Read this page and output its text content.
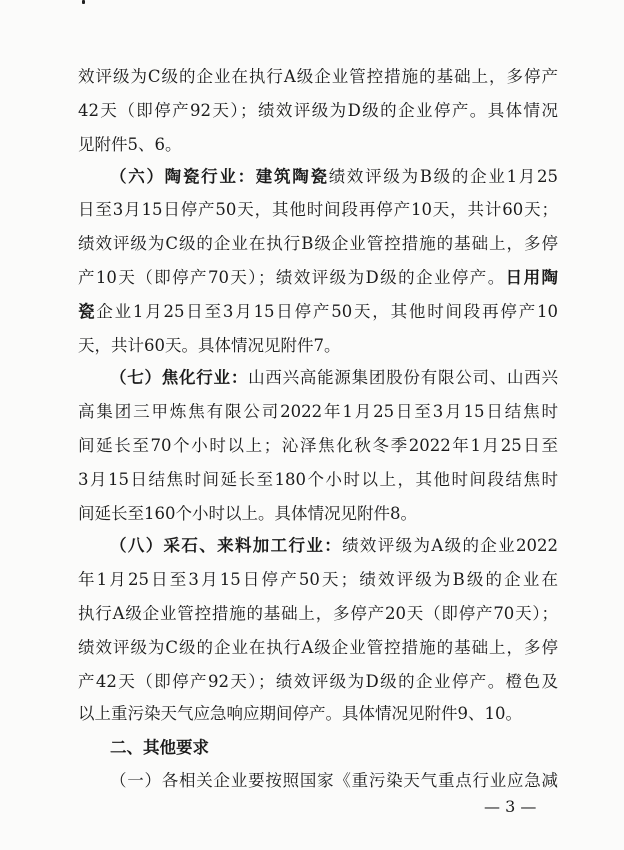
效评级为C级的企业在执行A级企业管控措施的基础上，多停产
42天（即停产92天）；绩效评级为D级的企业停产。具体情况
见附件5、6。
（六）陶瓷行业：建筑陶瓷绩效评级为B级的企业1月25
日至3月15日停产50天，其他时间段再停产10天，共计60天；
绩效评级为C级的企业在执行B级企业管控措施的基础上，多停
产10天（即停产70天）；绩效评级为D级的企业停产。日用陶
瓷企业1月25日至3月15日停产50天，其他时间段再停产10
天，共计60天。具体情况见附件7。
（七）焦化行业：山西兴高能源集团股份有限公司、山西兴
高集团三甲炼焦有限公司2022年1月25日至3月15日结焦时
间延长至70个小时以上；沁泽焦化秋冬季2022年1月25日至
3月15日结焦时间延长至180个小时以上，其他时间段结焦时
间延长至160个小时以上。具体情况见附件8。
（八）采石、来料加工行业：绩效评级为A级的企业2022
年1月25日至3月15日停产50天；绩效评级为B级的企业在
执行A级企业管控措施的基础上，多停产20天（即停产70天）；
绩效评级为C级的企业在执行A级企业管控措施的基础上，多停
产42天（即停产92天）；绩效评级为D级的企业停产。橙色及
以上重污染天气应急响应期间停产。具体情况见附件9、10。
二、其他要求
（一）各相关企业要按照国家《重污染天气重点行业应急减
— 3 —
